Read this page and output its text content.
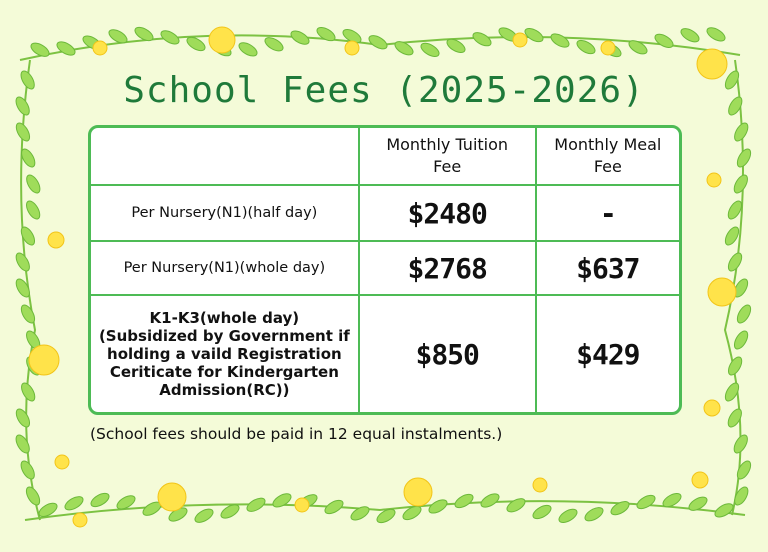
School Fees (2025-2026)
	Monthly Tuition Fee	Monthly Meal Fee
Per Nursery(N1)(half day)	$2480	-
Per Nursery(N1)(whole day)	$2768	$637
K1-K3(whole day)
(Subsidized by Government if holding a vaild Registration Ceriticate for Kindergarten Admission(RC))	$850	$429
(School fees should be paid in 12 equal instalments.)
